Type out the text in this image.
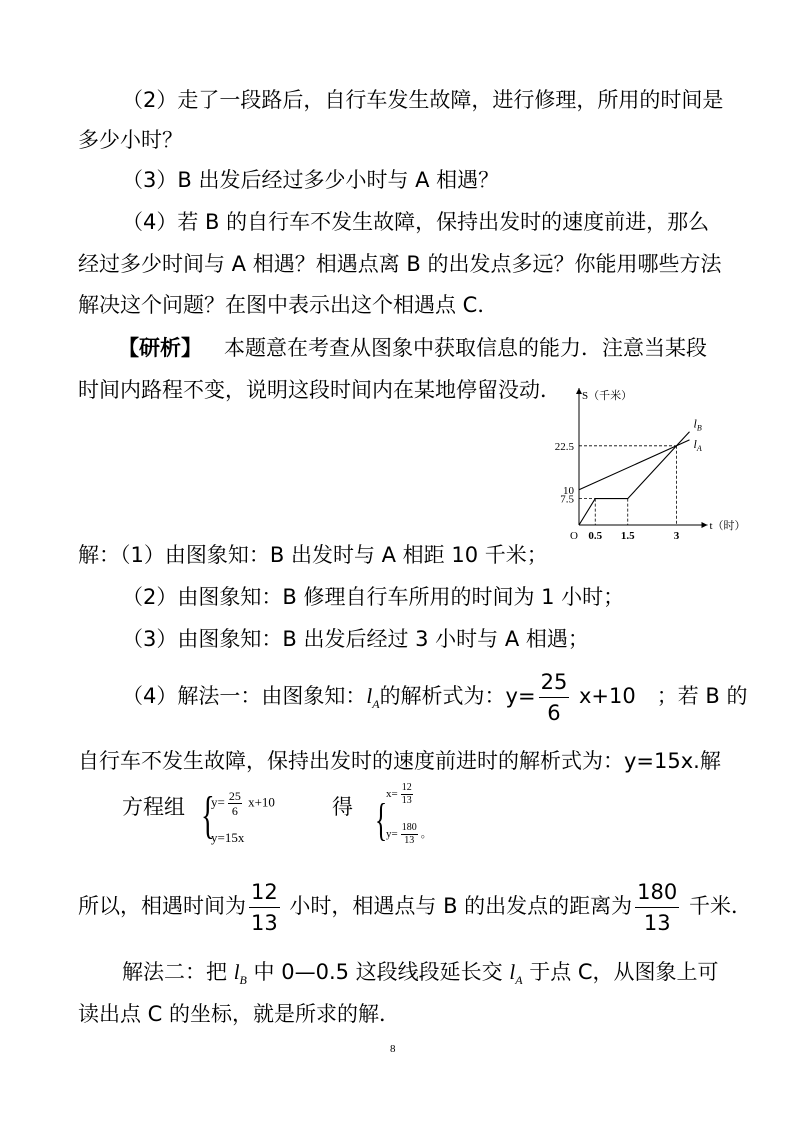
（2）走了一段路后，自行车发生故障，进行修理，所用的时间是
多少小时？
（3）B 出发后经过多少小时与 A 相遇？
（4）若 B 的自行车不发生故障，保持出发时的速度前进，那么
经过多少时间与 A 相遇？相遇点离 B 的出发点多远？你能用哪些方法
解决这个问题？在图中表示出这个相遇点 C．
【研析】 本题意在考查从图象中获取信息的能力．注意当某段
时间内路程不变，说明这段时间内在某地停留没动． S（千米）
t（时）
O 0.5 1.5	3
7.5
10
22.5
$l_B$
$l_A$
解：（1）由图象知：B 出发时与 A 相距 10 千米；
（2）由图象知：B 修理自行车所用的时间为 1 小时；
（3）由图象知：B 出发后经过 3 小时与 A 相遇；
（4）解法一：由图象知：$l_A$的解析式为：$y= \frac{25}{6} x+10$　；若 B 的
自行车不发生故障，保持出发时的速度前进时的解析式为：y=15x.解
方程组 {
$y= \frac{25}{6} x+10$
y=15x
得 {
$x= \frac{12}{13}$
$y= \frac{180}{13}$ 。
所以，相遇时间为 $\frac{12}{13}$ 小时，相遇点与 B 的出发点的距离为 $\frac{180}{13}$ 千米．
解法二：把 $l_B$ 中 0—0.5 这段线段延长交 $l_A$ 于点 C，从图象上可
读出点 C 的坐标，就是所求的解．
8
